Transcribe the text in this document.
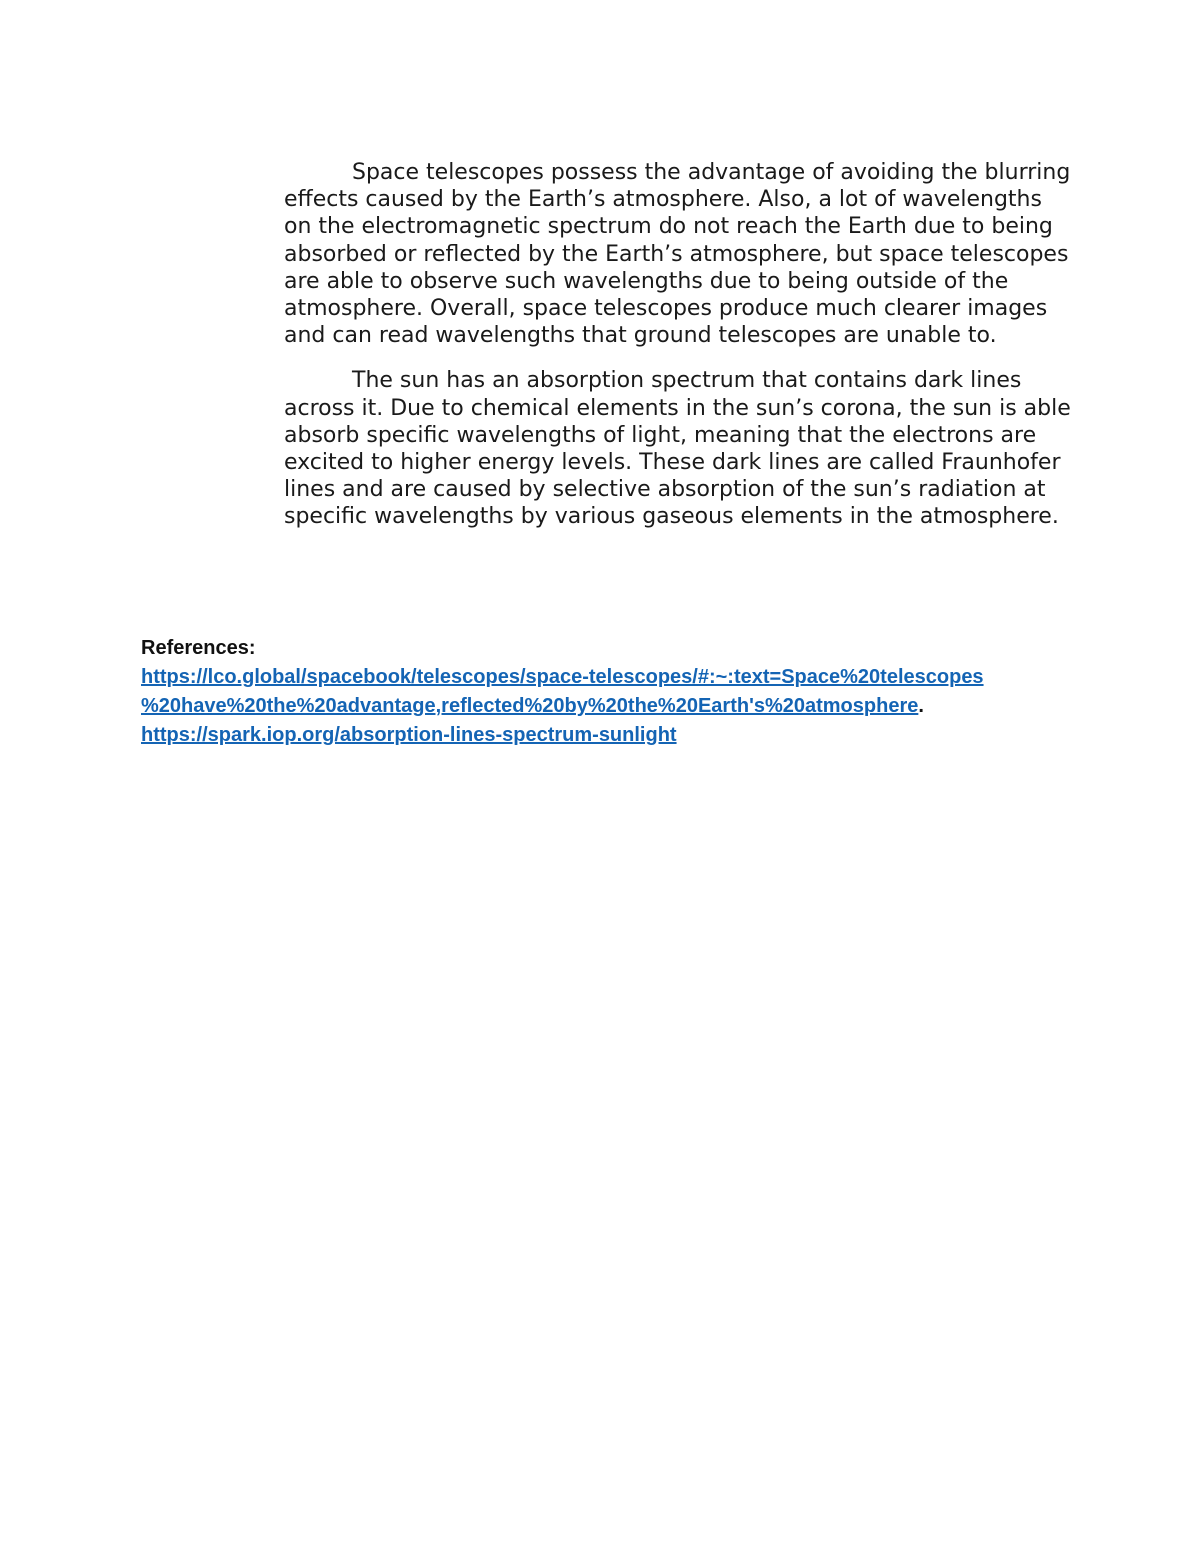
Space telescopes possess the advantage of avoiding the blurring effects caused by the Earth’s atmosphere. Also, a lot of wavelengths on the electromagnetic spectrum do not reach the Earth due to being absorbed or reflected by the Earth’s atmosphere, but space telescopes are able to observe such wavelengths due to being outside of the atmosphere. Overall, space telescopes produce much clearer images and can read wavelengths that ground telescopes are unable to.

The sun has an absorption spectrum that contains dark lines across it. Due to chemical elements in the sun’s corona, the sun is able absorb specific wavelengths of light, meaning that the electrons are excited to higher energy levels. These dark lines are called Fraunhofer lines and are caused by selective absorption of the sun’s radiation at specific wavelengths by various gaseous elements in the atmosphere.

References:

https://lco.global/spacebook/telescopes/space-telescopes/#:~:text=Space%20telescopes

%20have%20the%20advantage,reflected%20by%20the%20Earth's%20atmosphere.

https://spark.iop.org/absorption-lines-spectrum-sunlight
